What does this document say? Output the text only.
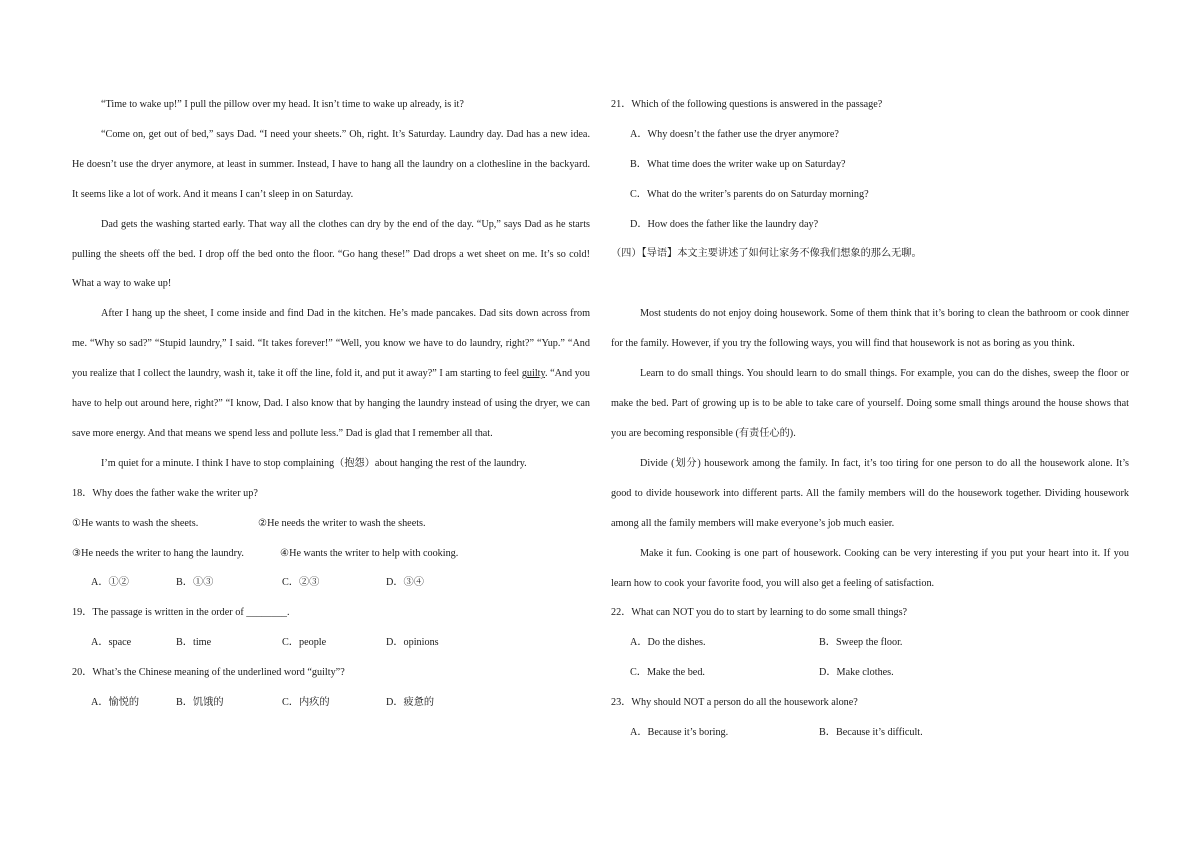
“Time to wake up!” I pull the pillow over my head. It isn’t time to wake up already, is it?
“Come on, get out of bed,” says Dad. “I need your sheets.” Oh, right. It’s Saturday. Laundry day. Dad has a new idea. He doesn’t use the dryer anymore, at least in summer. Instead, I have to hang all the laundry on a clothesline in the backyard. It seems like a lot of work. And it means I can’t sleep in on Saturday.
Dad gets the washing started early. That way all the clothes can dry by the end of the day. “Up,” says Dad as he starts pulling the sheets off the bed. I drop off the bed onto the floor. “Go hang these!” Dad drops a wet sheet on me. It’s so cold! What a way to wake up!
After I hang up the sheet, I come inside and find Dad in the kitchen. He’s made pancakes. Dad sits down across from me. “Why so sad?” “Stupid laundry,” I said. “It takes forever!” “Well, you know we have to do laundry, right?” “Yup.” “And you realize that I collect the laundry, wash it, take it off the line, fold it, and put it away?” I am starting to feel guilty. “And you have to help out around here, right?” “I know, Dad. I also know that by hanging the laundry instead of using the dryer, we can save more energy. And that means we spend less and pollute less.” Dad is glad that I remember all that.
I’m quiet for a minute. I think I have to stop complaining（抱怨）about hanging the rest of the laundry.
18．Why does the father wake the writer up?
①He wants to wash the sheets.	②He needs the writer to wash the sheets.
③He needs the writer to hang the laundry.	④He wants the writer to help with cooking.
A．①②	B．①③	C．②③	D．③④
19．The passage is written in the order of ________.
A．space	B．time	C．people	D．opinions
20．What’s the Chinese meaning of the underlined word “guilty”?
A．愉悦的	B．饥饿的	C．内疚的	D．疲惫的
21．Which of the following questions is answered in the passage?
A．Why doesn’t the father use the dryer anymore?
B．What time does the writer wake up on Saturday?
C．What do the writer’s parents do on Saturday morning?
D．How does the father like the laundry day?
（四）【导语】本文主要讲述了如何让家务不像我们想象的那么无聊。
Most students do not enjoy doing housework. Some of them think that it’s boring to clean the bathroom or cook dinner for the family. However, if you try the following ways, you will find that housework is not as boring as you think.
Learn to do small things. You should learn to do small things. For example, you can do the dishes, sweep the floor or make the bed. Part of growing up is to be able to take care of yourself. Doing some small things around the house shows that you are becoming responsible (有责任心的).
Divide (划分) housework among the family. In fact, it’s too tiring for one person to do all the housework alone. It’s good to divide housework into different parts. All the family members will do the housework together. Dividing housework among all the family members will make everyone’s job much easier.
Make it fun. Cooking is one part of housework. Cooking can be very interesting if you put your heart into it. If you learn how to cook your favorite food, you will also get a feeling of satisfaction.
22．What can NOT you do to start by learning to do some small things?
A．Do the dishes.	B．Sweep the floor.
C．Make the bed.	D．Make clothes.
23．Why should NOT a person do all the housework alone?
A．Because it’s boring.	B．Because it’s difficult.
